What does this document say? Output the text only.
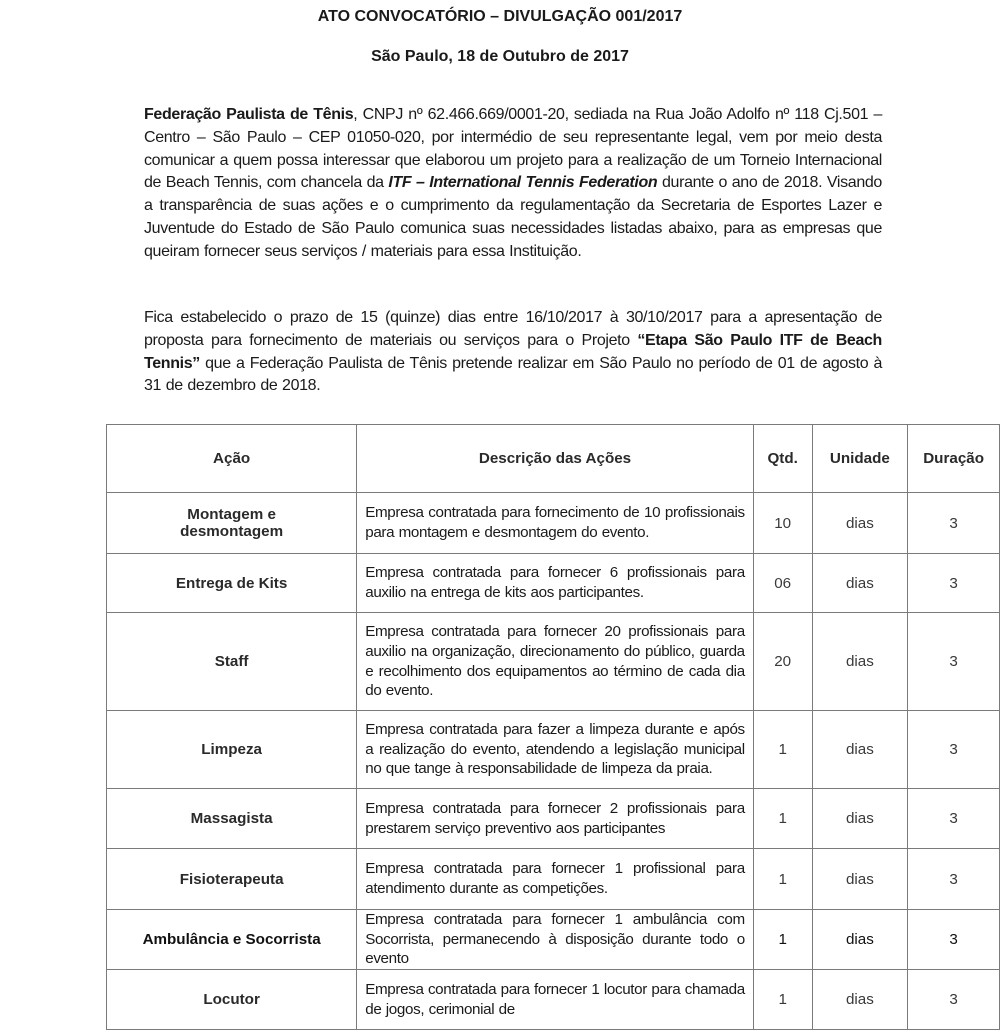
ATO CONVOCATÓRIO – DIVULGAÇÃO 001/2017
São Paulo, 18 de Outubro de 2017
Federação Paulista de Tênis, CNPJ nº 62.466.669/0001-20, sediada na Rua João Adolfo nº 118 Cj.501 – Centro – São Paulo – CEP 01050-020, por intermédio de seu representante legal, vem por meio desta comunicar a quem possa interessar que elaborou um projeto para a realização de um Torneio Internacional de Beach Tennis, com chancela da ITF – International Tennis Federation durante o ano de 2018. Visando a transparência de suas ações e o cumprimento da regulamentação da Secretaria de Esportes Lazer e Juventude do Estado de São Paulo comunica suas necessidades listadas abaixo, para as empresas que queiram fornecer seus serviços / materiais para essa Instituição.
Fica estabelecido o prazo de 15 (quinze) dias entre 16/10/2017 à 30/10/2017 para a apresentação de proposta para fornecimento de materiais ou serviços para o Projeto “Etapa São Paulo ITF de Beach Tennis” que a Federação Paulista de Tênis pretende realizar em São Paulo no período de 01 de agosto à 31 de dezembro de 2018.
Ação	Descrição das Ações	Qtd.	Unidade	Duração
Montagem e desmontagem	Empresa contratada para fornecimento de 10 profissionais para montagem e desmontagem do evento.	10	dias	3
Entrega de Kits	Empresa contratada para fornecer 6 profissionais para auxilio na entrega de kits aos participantes.	06	dias	3
Staff	Empresa contratada para fornecer 20 profissionais para auxilio na organização, direcionamento do público, guarda e recolhimento dos equipamentos ao término de cada dia do evento.	20	dias	3
Limpeza	Empresa contratada para fazer a limpeza durante e após a realização do evento, atendendo a legislação municipal no que tange à responsabilidade de limpeza da praia.	1	dias	3
Massagista	Empresa contratada para fornecer 2 profissionais para prestarem serviço preventivo aos participantes	1	dias	3
Fisioterapeuta	Empresa contratada para fornecer 1 profissional para atendimento durante as competições.	1	dias	3
Ambulância e Socorrista	Empresa contratada para fornecer 1 ambulância com Socorrista, permanecendo à disposição durante todo o evento	1	dias	3
Locutor	Empresa contratada para fornecer 1 locutor para chamada de jogos, cerimonial de	1	dias	3
